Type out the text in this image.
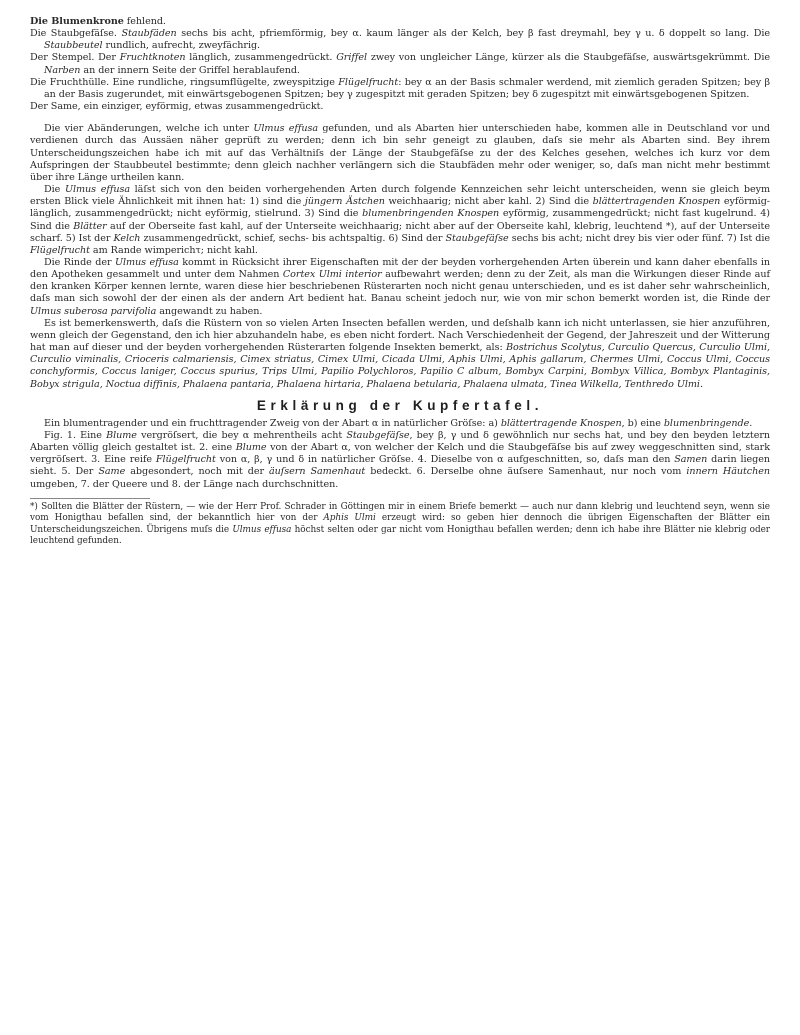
Die Blumenkrone fehlend.

Die Staubgefäſse. Staubfäden sechs bis acht, pfriemförmig, bey α. kaum länger als der Kelch, bey β fast dreymahl, bey γ u. δ doppelt so lang. Die Staubbeutel rundlich, aufrecht, zweyfächrig.

Der Stempel. Der Fruchtknoten länglich, zusammengedrückt. Griffel zwey von ungleicher Länge, kürzer als die Staubgefäſse, auswärtsgekrümmt. Die Narben an der innern Seite der Griffel herablaufend.

Die Fruchthülle. Eine rundliche, ringsumflügelte, zweyspitzige Flügelfrucht: bey α an der Basis schmaler werdend, mit ziemlich geraden Spitzen; bey β an der Basis zugerundet, mit einwärtsgebogenen Spitzen; bey γ zugespitzt mit geraden Spitzen; bey δ zugespitzt mit einwärtsgebogenen Spitzen.

Der Same, ein einziger, eyförmig, etwas zusammengedrückt.

Die vier Abänderungen, welche ich unter Ulmus effusa gefunden, und als Abarten hier unterschieden habe, kommen alle in Deutschland vor und verdienen durch das Aussäen näher geprüft zu werden; denn ich bin sehr geneigt zu glauben, daſs sie mehr als Abarten sind. Bey ihrem Unterscheidungszeichen habe ich mit auf das Verhältniſs der Länge der Staubgefäſse zu der des Kelches gesehen, welches ich kurz vor dem Aufspringen der Staubbeutel bestimmte; denn gleich nachher verlängern sich die Staubfäden mehr oder weniger, so, daſs man nicht mehr bestimmt über ihre Länge urtheilen kann.

Die Ulmus effusa läſst sich von den beiden vorhergehenden Arten durch folgende Kennzeichen sehr leicht unterscheiden, wenn sie gleich beym ersten Blick viele Ähnlichkeit mit ihnen hat: 1) sind die jüngern Ästchen weichhaarig; nicht aber kahl. 2) Sind die blättertragenden Knospen eyförmig-länglich, zusammengedrückt; nicht eyförmig, stielrund. 3) Sind die blumenbringenden Knospen eyförmig, zusammengedrückt; nicht fast kugelrund. 4) Sind die Blätter auf der Oberseite fast kahl, auf der Unterseite weichhaarig; nicht aber auf der Oberseite kahl, klebrig, leuchtend *), auf der Unterseite scharf. 5) Ist der Kelch zusammengedrückt, schief, sechs- bis achtspaltig. 6) Sind der Staubgefäſse sechs bis acht; nicht drey bis vier oder fünf. 7) Ist die Flügelfrucht am Rande wimperichτ; nicht kahl.

Die Rinde der Ulmus effusa kommt in Rücksicht ihrer Eigenschaften mit der der beyden vorhergehenden Arten überein und kann daher ebenfalls in den Apotheken gesammelt und unter dem Nahmen Cortex Ulmi interior aufbewahrt werden; denn zu der Zeit, als man die Wirkungen dieser Rinde auf den kranken Körper kennen lernte, waren diese hier beschriebenen Rüsterarten noch nicht genau unterschieden, und es ist daher sehr wahrscheinlich, daſs man sich sowohl der der einen als der andern Art bedient hat. Banau scheint jedoch nur, wie von mir schon bemerkt worden ist, die Rinde der Ulmus suberosa parvifolia angewandt zu haben.

Es ist bemerkenswerth, daſs die Rüstern von so vielen Arten Insecten befallen werden, und deſshalb kann ich nicht unterlassen, sie hier anzuführen, wenn gleich der Gegenstand, den ich hier abzuhandeln habe, es eben nicht fordert. Nach Verschiedenheit der Gegend, der Jahreszeit und der Witterung hat man auf dieser und der beyden vorhergehenden Rüsterarten folgende Insekten bemerkt, als: Bostrichus Scolytus, Curculio Quercus, Curculio Ulmi, Curculio viminalis, Crioceris calmariensis, Cimex striatus, Cimex Ulmi, Cicada Ulmi, Aphis Ulmi, Aphis gallarum, Chermes Ulmi, Coccus Ulmi, Coccus conchyformis, Coccus laniger, Coccus spurius, Trips Ulmi, Papilio Polychloros, Papilio C album, Bombyx Carpini, Bombyx Villica, Bombyx Plantaginis, Bobyx strigula, Noctua diffinis, Phalaena pantaria, Phalaena hirtaria, Phalaena betularia, Phalaena ulmata, Tinea Wilkella, Tenthredo Ulmi.

Erklärung der Kupfertafel.

Ein blumentragender und ein fruchttragender Zweig von der Abart α in natürlicher Gröſse: a) blättertragende Knospen, b) eine blumenbringende.

Fig. 1. Eine Blume vergröſsert, die bey α mehrentheils acht Staubgefäſse, bey β, γ und δ gewöhnlich nur sechs hat, und bey den beyden letztern Abarten völlig gleich gestaltet ist. 2. eine Blume von der Abart α, von welcher der Kelch und die Staubgefäſse bis auf zwey weggeschnitten sind, stark vergröſsert. 3. Eine reife Flügelfrucht von α, β, γ und δ in natürlicher Gröſse. 4. Dieselbe von α aufgeschnitten, so, daſs man den Samen darin liegen sieht. 5. Der Same abgesondert, noch mit der äuſsern Samenhaut bedeckt. 6. Derselbe ohne äuſsere Samenhaut, nur noch vom innern Häutchen umgeben, 7. der Queere und 8. der Länge nach durchschnitten.

*) Sollten die Blätter der Rüstern, — wie der Herr Prof. Schrader in Göttingen mir in einem Briefe bemerkt — auch nur dann klebrig und leuchtend seyn, wenn sie vom Honigthau befallen sind, der bekanntlich hier von der Aphis Ulmi erzeugt wird: so geben hier dennoch die übrigen Eigenschaften der Blätter ein Unterscheidungszeichen. Übrigens muſs die Ulmus effusa höchst selten oder gar nicht vom Honigthau befallen werden; denn ich habe ihre Blätter nie klebrig oder leuchtend gefunden.
